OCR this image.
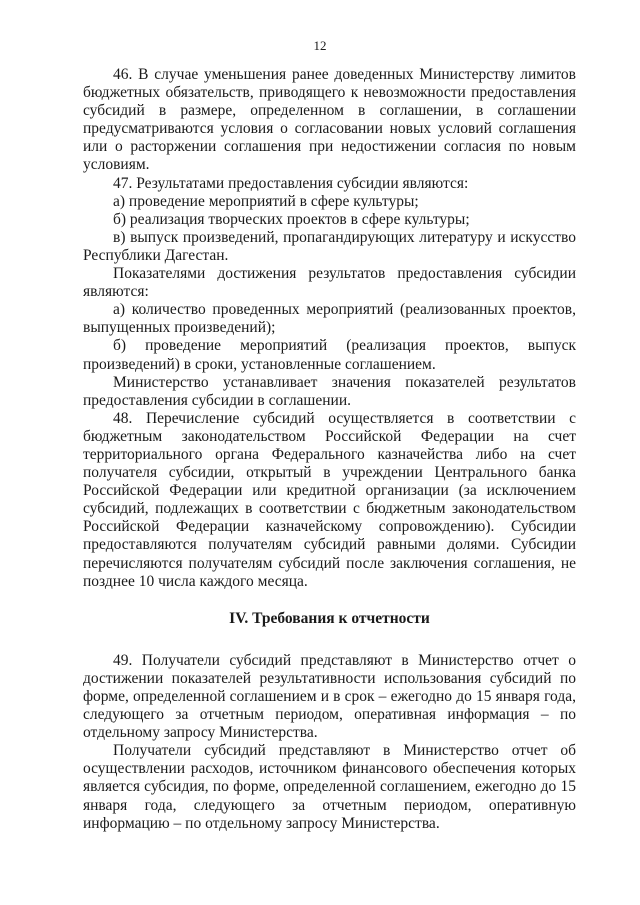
12

46. В случае уменьшения ранее доведенных Министерству лимитов бюджетных обязательств, приводящего к невозможности предоставления субсидий в размере, определенном в соглашении, в соглашении предусматриваются условия о согласовании новых условий соглашения или о расторжении соглашения при недостижении согласия по новым условиям.

47. Результатами предоставления субсидии являются:

а) проведение мероприятий в сфере культуры;

б) реализация творческих проектов в сфере культуры;

в) выпуск произведений, пропагандирующих литературу и искусство Республики Дагестан.

Показателями достижения результатов предоставления субсидии являются:

а) количество проведенных мероприятий (реализованных проектов, выпущенных произведений);

б) проведение мероприятий (реализация проектов, выпуск произведений) в сроки, установленные соглашением.

Министерство устанавливает значения показателей результатов предоставления субсидии в соглашении.

48. Перечисление субсидий осуществляется в соответствии с бюджетным законодательством Российской Федерации на счет территориального органа Федерального казначейства либо на счет получателя субсидии, открытый в учреждении Центрального банка Российской Федерации или кредитной организации (за исключением субсидий, подлежащих в соответствии с бюджетным законодательством Российской Федерации казначейскому сопровождению). Субсидии предоставляются получателям субсидий равными долями. Субсидии перечисляются получателям субсидий после заключения соглашения, не позднее 10 числа каждого месяца.

IV. Требования к отчетности

49. Получатели субсидий представляют в Министерство отчет о достижении показателей результативности использования субсидий по форме, определенной соглашением и в срок – ежегодно до 15 января года, следующего за отчетным периодом, оперативная информация – по отдельному запросу Министерства.

Получатели субсидий представляют в Министерство отчет об осуществлении расходов, источником финансового обеспечения которых является субсидия, по форме, определенной соглашением, ежегодно до 15 января года, следующего за отчетным периодом, оперативную информацию – по отдельному запросу Министерства.
